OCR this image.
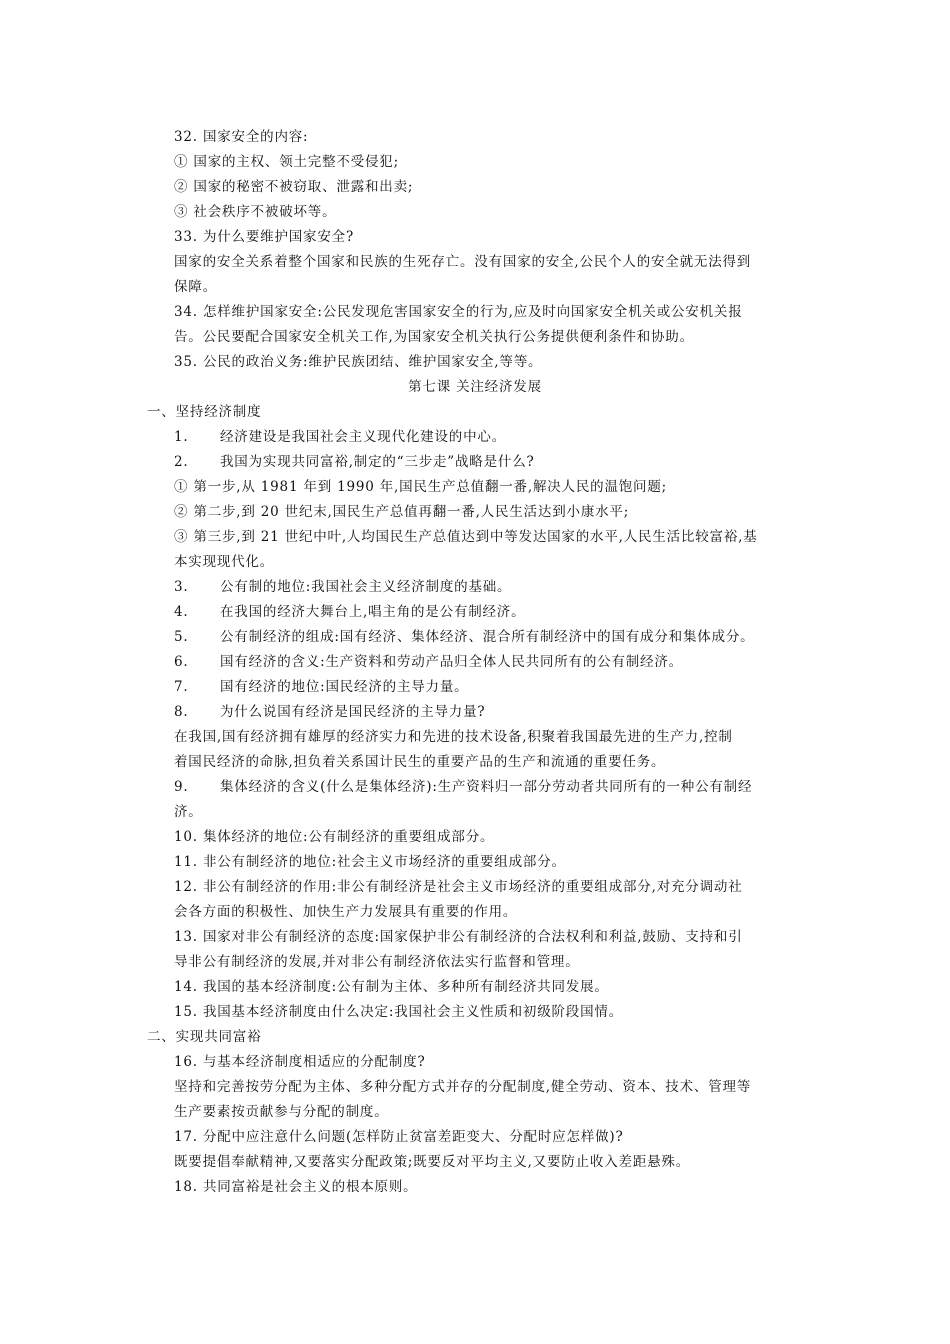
32. 国家安全的内容:
① 国家的主权、领土完整不受侵犯;
② 国家的秘密不被窃取、泄露和出卖;
③ 社会秩序不被破坏等。
33. 为什么要维护国家安全?
国家的安全关系着整个国家和民族的生死存亡。没有国家的安全,公民个人的安全就无法得到
保障。
34. 怎样维护国家安全:公民发现危害国家安全的行为,应及时向国家安全机关或公安机关报
告。公民要配合国家安全机关工作,为国家安全机关执行公务提供便利条件和协助。
35. 公民的政治义务:维护民族团结、维护国家安全,等等。
第七课 关注经济发展
一、坚持经济制度
1. 经济建设是我国社会主义现代化建设的中心。
2. 我国为实现共同富裕,制定的“三步走”战略是什么?
① 第一步,从 1981 年到 1990 年,国民生产总值翻一番,解决人民的温饱问题;
② 第二步,到 20 世纪末,国民生产总值再翻一番,人民生活达到小康水平;
③ 第三步,到 21 世纪中叶,人均国民生产总值达到中等发达国家的水平,人民生活比较富裕,基
本实现现代化。
3. 公有制的地位:我国社会主义经济制度的基础。
4. 在我国的经济大舞台上,唱主角的是公有制经济。
5. 公有制经济的组成:国有经济、集体经济、混合所有制经济中的国有成分和集体成分。
6. 国有经济的含义:生产资料和劳动产品归全体人民共同所有的公有制经济。
7. 国有经济的地位:国民经济的主导力量。
8. 为什么说国有经济是国民经济的主导力量?
在我国,国有经济拥有雄厚的经济实力和先进的技术设备,积聚着我国最先进的生产力,控制
着国民经济的命脉,担负着关系国计民生的重要产品的生产和流通的重要任务。
9. 集体经济的含义(什么是集体经济):生产资料归一部分劳动者共同所有的一种公有制经
济。
10. 集体经济的地位:公有制经济的重要组成部分。
11. 非公有制经济的地位:社会主义市场经济的重要组成部分。
12. 非公有制经济的作用:非公有制经济是社会主义市场经济的重要组成部分,对充分调动社
会各方面的积极性、加快生产力发展具有重要的作用。
13. 国家对非公有制经济的态度:国家保护非公有制经济的合法权利和利益,鼓励、支持和引
导非公有制经济的发展,并对非公有制经济依法实行监督和管理。
14. 我国的基本经济制度:公有制为主体、多种所有制经济共同发展。
15. 我国基本经济制度由什么决定:我国社会主义性质和初级阶段国情。
二、实现共同富裕
16. 与基本经济制度相适应的分配制度?
坚持和完善按劳分配为主体、多种分配方式并存的分配制度,健全劳动、资本、技术、管理等
生产要素按贡献参与分配的制度。
17. 分配中应注意什么问题(怎样防止贫富差距变大、分配时应怎样做)?
既要提倡奉献精神,又要落实分配政策;既要反对平均主义,又要防止收入差距悬殊。
18. 共同富裕是社会主义的根本原则。
